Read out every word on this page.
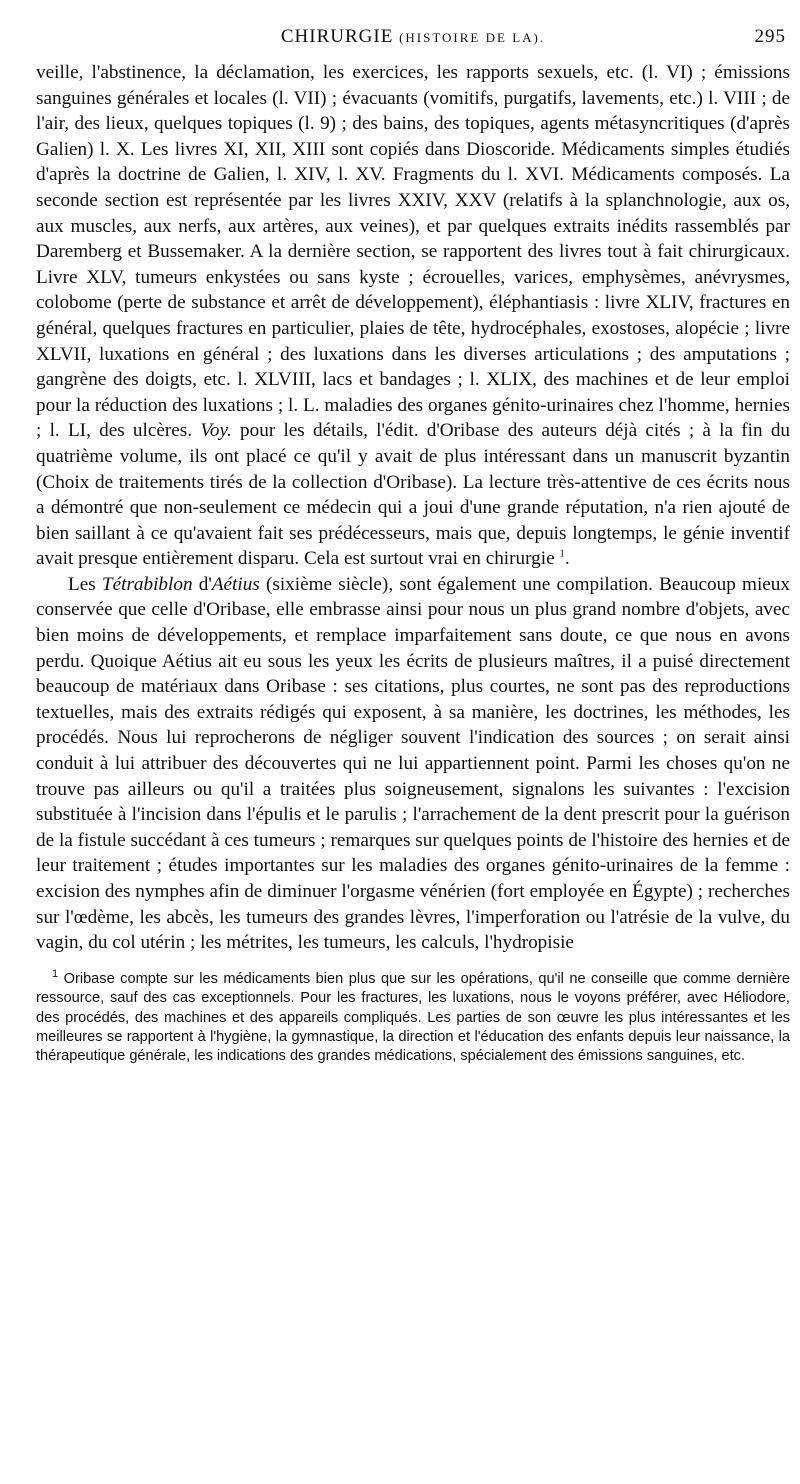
CHIRURGIE (HISTOIRE DE LA).	295

veille, l'abstinence, la déclamation, les exercices, les rapports sexuels, etc. (l. VI) ; émissions sanguines générales et locales (l. VII) ; évacuants (vomitifs, purgatifs, lavements, etc.) l. VIII ; de l'air, des lieux, quelques topiques (l. 9) ; des bains, des topiques, agents métasyncritiques (d'après Galien) l. X. Les livres XI, XII, XIII sont copiés dans Dioscoride. Médicaments simples étudiés d'après la doctrine de Galien, l. XIV, l. XV. Fragments du l. XVI. Médicaments composés. La seconde section est représentée par les livres XXIV, XXV (relatifs à la splanchnologie, aux os, aux muscles, aux nerfs, aux artères, aux veines), et par quelques extraits inédits rassemblés par Daremberg et Bussemaker. A la dernière section, se rapportent des livres tout à fait chirurgicaux. Livre XLV, tumeurs enkystées ou sans kyste ; écrouelles, varices, emphysèmes, anévrysmes, colobome (perte de substance et arrêt de développement), éléphantiasis : livre XLIV, fractures en général, quelques fractures en particulier, plaies de tête, hydrocéphales, exostoses, alopécie ; livre XLVII, luxations en général ; des luxations dans les diverses articulations ; des amputations ; gangrène des doigts, etc. l. XLVIII, lacs et bandages ; l. XLIX, des machines et de leur emploi pour la réduction des luxations ; l. L. maladies des organes génito-urinaires chez l'homme, hernies ; l. LI, des ulcères. Voy. pour les détails, l'édit. d'Oribase des auteurs déjà cités ; à la fin du quatrième volume, ils ont placé ce qu'il y avait de plus intéressant dans un manuscrit byzantin (Choix de traitements tirés de la collection d'Oribase). La lecture très-attentive de ces écrits nous a démontré que non-seulement ce médecin qui a joui d'une grande réputation, n'a rien ajouté de bien saillant à ce qu'avaient fait ses prédécesseurs, mais que, depuis longtemps, le génie inventif avait presque entièrement disparu. Cela est surtout vrai en chirurgie $^1$.

Les Tétrabiblon d'Aétius (sixième siècle), sont également une compilation. Beaucoup mieux conservée que celle d'Oribase, elle embrasse ainsi pour nous un plus grand nombre d'objets, avec bien moins de développements, et remplace imparfaitement sans doute, ce que nous en avons perdu. Quoique Aétius ait eu sous les yeux les écrits de plusieurs maîtres, il a puisé directement beaucoup de matériaux dans Oribase : ses citations, plus courtes, ne sont pas des reproductions textuelles, mais des extraits rédigés qui exposent, à sa manière, les doctrines, les méthodes, les procédés. Nous lui reprocherons de négliger souvent l'indication des sources ; on serait ainsi conduit à lui attribuer des découvertes qui ne lui appartiennent point. Parmi les choses qu'on ne trouve pas ailleurs ou qu'il a traitées plus soigneusement, signalons les suivantes : l'excision substituée à l'incision dans l'épulis et le parulis ; l'arrachement de la dent prescrit pour la guérison de la fistule succédant à ces tumeurs ; remarques sur quelques points de l'histoire des hernies et de leur traitement ; études importantes sur les maladies des organes génito-urinaires de la femme : excision des nymphes afin de diminuer l'orgasme vénérien (fort employée en Égypte) ; recherches sur l'œdème, les abcès, les tumeurs des grandes lèvres, l'imperforation ou l'atrésie de la vulve, du vagin, du col utérin ; les métrites, les tumeurs, les calculs, l'hydropisie

$^1$ Oribase compte sur les médicaments bien plus que sur les opérations, qu'il ne conseille que comme dernière ressource, sauf des cas exceptionnels. Pour les fractures, les luxations, nous le voyons préférer, avec Héliodore, des procédés, des machines et des appareils compliqués. Les parties de son œuvre les plus intéressantes et les meilleures se rapportent à l'hygiène, la gymnastique, la direction et l'éducation des enfants depuis leur naissance, la thérapeutique générale, les indications des grandes médications, spécialement des émissions sanguines, etc.
